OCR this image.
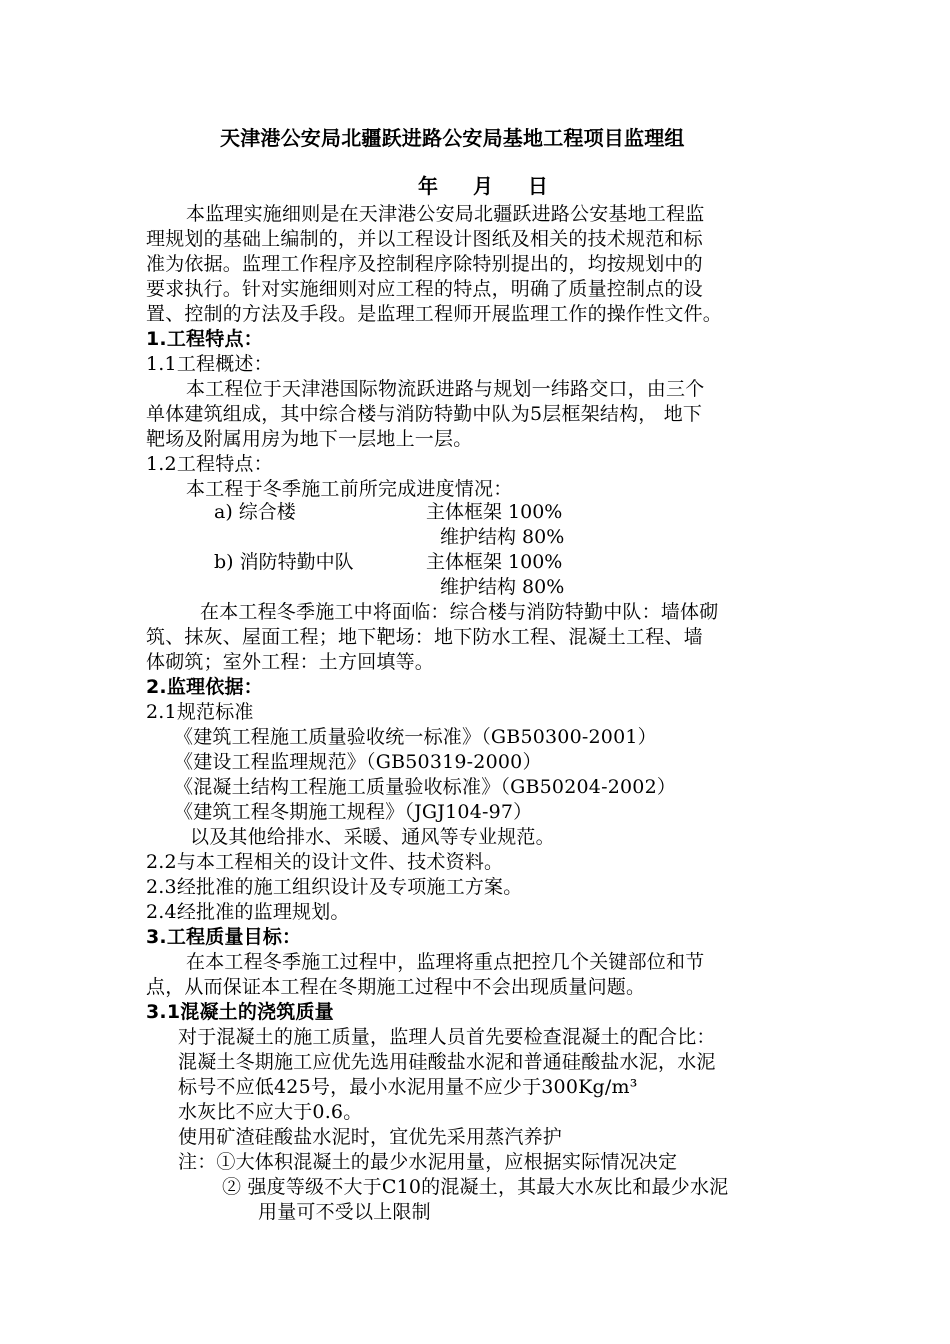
天津港公安局北疆跃进路公安局基地工程项目监理组
年 月 日
本监理实施细则是在天津港公安局北疆跃进路公安基地工程监
理规划的基础上编制的，并以工程设计图纸及相关的技术规范和标
准为依据。监理工作程序及控制程序除特别提出的，均按规划中的
要求执行。针对实施细则对应工程的特点，明确了质量控制点的设
置、控制的方法及手段。是监理工程师开展监理工作的操作性文件。
1.工程特点：
1.1工程概述：
本工程位于天津港国际物流跃进路与规划一纬路交口，由三个
单体建筑组成，其中综合楼与消防特勤中队为5层框架结构， 地下
靶场及附属用房为地下一层地上一层。
1.2工程特点：
本工程于冬季施工前所完成进度情况：
a) 综合楼	主体框架 100%
维护结构 80%
b) 消防特勤中队	主体框架 100%
维护结构 80%
在本工程冬季施工中将面临：综合楼与消防特勤中队：墙体砌
筑、抹灰、屋面工程；地下靶场：地下防水工程、混凝土工程、墙
体砌筑；室外工程：土方回填等。
2.监理依据：
2.1规范标准
《建筑工程施工质量验收统一标准》（GB50300-2001）
《建设工程监理规范》（GB50319-2000）
《混凝土结构工程施工质量验收标准》（GB50204-2002）
《建筑工程冬期施工规程》（JGJ104-97）
以及其他给排水、采暖、通风等专业规范。
2.2与本工程相关的设计文件、技术资料。
2.3经批准的施工组织设计及专项施工方案。
2.4经批准的监理规划。
3.工程质量目标：
在本工程冬季施工过程中，监理将重点把控几个关键部位和节
点，从而保证本工程在冬期施工过程中不会出现质量问题。
3.1混凝土的浇筑质量
对于混凝土的施工质量，监理人员首先要检查混凝土的配合比：
混凝土冬期施工应优先选用硅酸盐水泥和普通硅酸盐水泥，水泥
标号不应低425号，最小水泥用量不应少于300Kg/m³
水灰比不应大于0.6。
使用矿渣硅酸盐水泥时，宜优先采用蒸汽养护
注：①大体积混凝土的最少水泥用量，应根据实际情况决定
② 强度等级不大于C10的混凝土，其最大水灰比和最少水泥
用量可不受以上限制
